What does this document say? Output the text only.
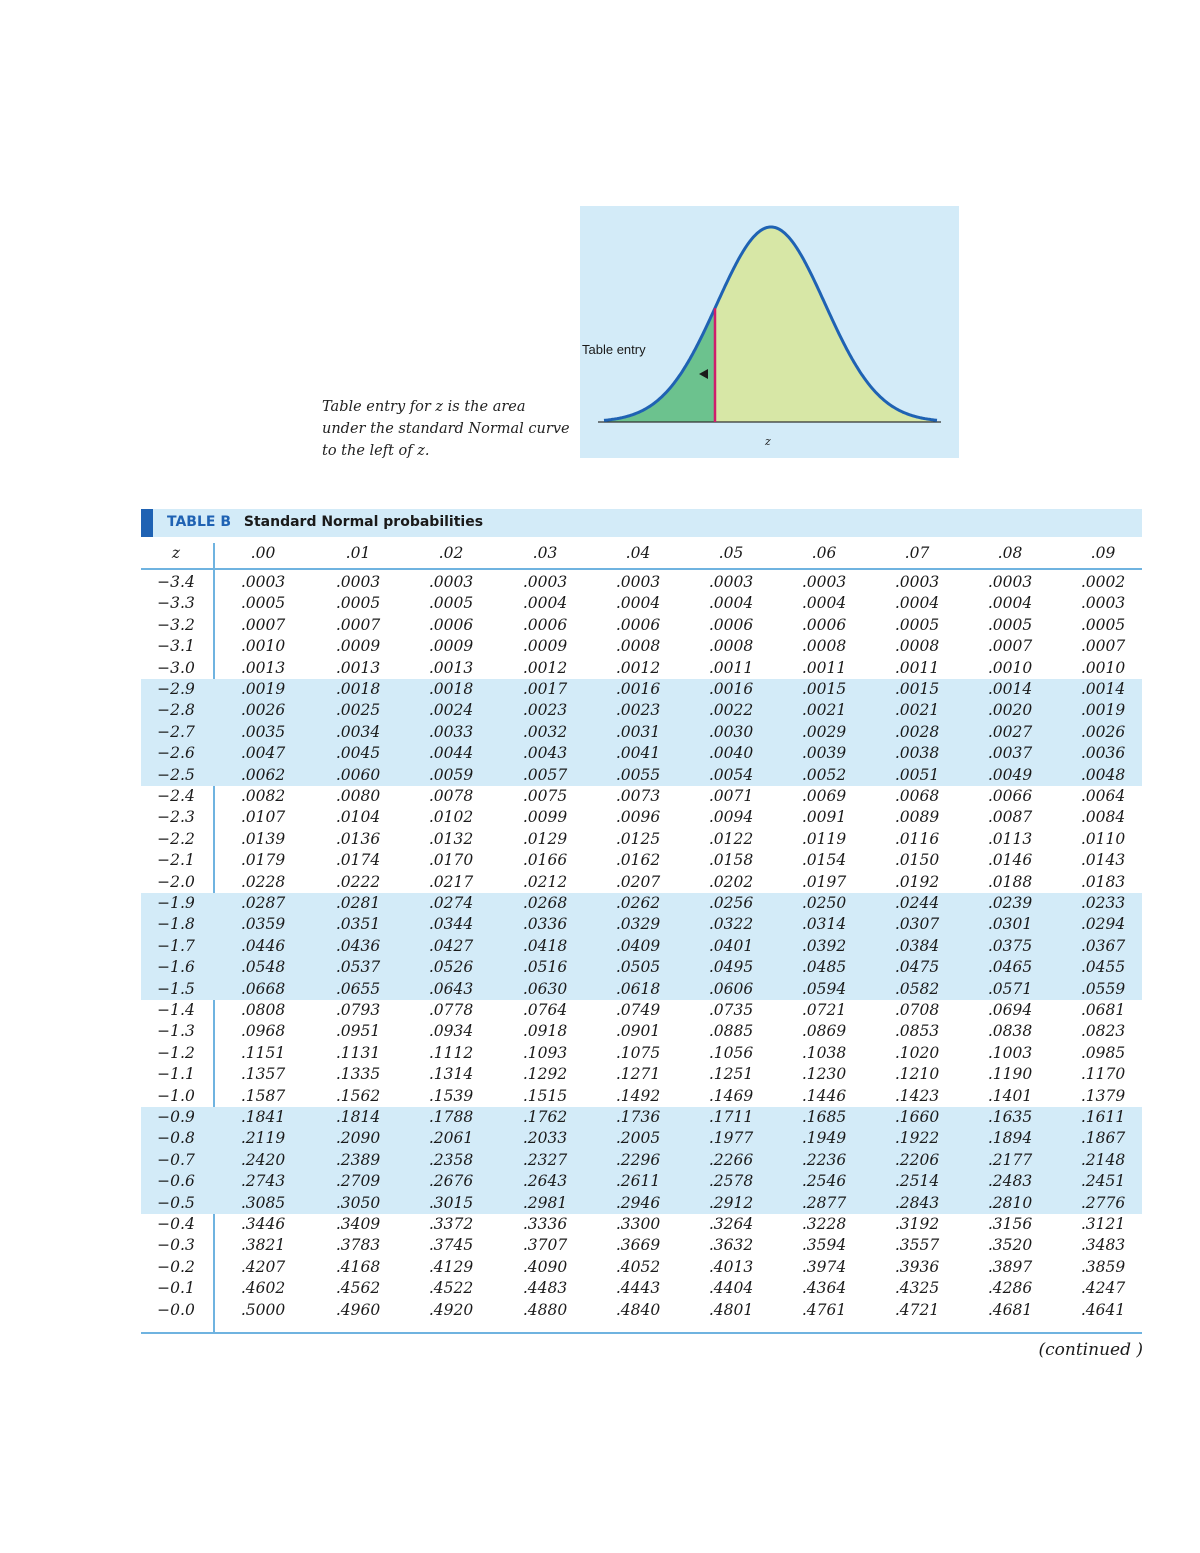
Table entry for z is the area under the standard Normal curve to the left of z.
Table entry
z
TABLE B Standard Normal probabilities
z	.00	.01	.02	.03	.04	.05	.06	.07	.08	.09
−3.4	.0003	.0003	.0003	.0003	.0003	.0003	.0003	.0003	.0003	.0002
−3.3	.0005	.0005	.0005	.0004	.0004	.0004	.0004	.0004	.0004	.0003
−3.2	.0007	.0007	.0006	.0006	.0006	.0006	.0006	.0005	.0005	.0005
−3.1	.0010	.0009	.0009	.0009	.0008	.0008	.0008	.0008	.0007	.0007
−3.0	.0013	.0013	.0013	.0012	.0012	.0011	.0011	.0011	.0010	.0010
−2.9	.0019	.0018	.0018	.0017	.0016	.0016	.0015	.0015	.0014	.0014
−2.8	.0026	.0025	.0024	.0023	.0023	.0022	.0021	.0021	.0020	.0019
−2.7	.0035	.0034	.0033	.0032	.0031	.0030	.0029	.0028	.0027	.0026
−2.6	.0047	.0045	.0044	.0043	.0041	.0040	.0039	.0038	.0037	.0036
−2.5	.0062	.0060	.0059	.0057	.0055	.0054	.0052	.0051	.0049	.0048
−2.4	.0082	.0080	.0078	.0075	.0073	.0071	.0069	.0068	.0066	.0064
−2.3	.0107	.0104	.0102	.0099	.0096	.0094	.0091	.0089	.0087	.0084
−2.2	.0139	.0136	.0132	.0129	.0125	.0122	.0119	.0116	.0113	.0110
−2.1	.0179	.0174	.0170	.0166	.0162	.0158	.0154	.0150	.0146	.0143
−2.0	.0228	.0222	.0217	.0212	.0207	.0202	.0197	.0192	.0188	.0183
−1.9	.0287	.0281	.0274	.0268	.0262	.0256	.0250	.0244	.0239	.0233
−1.8	.0359	.0351	.0344	.0336	.0329	.0322	.0314	.0307	.0301	.0294
−1.7	.0446	.0436	.0427	.0418	.0409	.0401	.0392	.0384	.0375	.0367
−1.6	.0548	.0537	.0526	.0516	.0505	.0495	.0485	.0475	.0465	.0455
−1.5	.0668	.0655	.0643	.0630	.0618	.0606	.0594	.0582	.0571	.0559
−1.4	.0808	.0793	.0778	.0764	.0749	.0735	.0721	.0708	.0694	.0681
−1.3	.0968	.0951	.0934	.0918	.0901	.0885	.0869	.0853	.0838	.0823
−1.2	.1151	.1131	.1112	.1093	.1075	.1056	.1038	.1020	.1003	.0985
−1.1	.1357	.1335	.1314	.1292	.1271	.1251	.1230	.1210	.1190	.1170
−1.0	.1587	.1562	.1539	.1515	.1492	.1469	.1446	.1423	.1401	.1379
−0.9	.1841	.1814	.1788	.1762	.1736	.1711	.1685	.1660	.1635	.1611
−0.8	.2119	.2090	.2061	.2033	.2005	.1977	.1949	.1922	.1894	.1867
−0.7	.2420	.2389	.2358	.2327	.2296	.2266	.2236	.2206	.2177	.2148
−0.6	.2743	.2709	.2676	.2643	.2611	.2578	.2546	.2514	.2483	.2451
−0.5	.3085	.3050	.3015	.2981	.2946	.2912	.2877	.2843	.2810	.2776
−0.4	.3446	.3409	.3372	.3336	.3300	.3264	.3228	.3192	.3156	.3121
−0.3	.3821	.3783	.3745	.3707	.3669	.3632	.3594	.3557	.3520	.3483
−0.2	.4207	.4168	.4129	.4090	.4052	.4013	.3974	.3936	.3897	.3859
−0.1	.4602	.4562	.4522	.4483	.4443	.4404	.4364	.4325	.4286	.4247
−0.0	.5000	.4960	.4920	.4880	.4840	.4801	.4761	.4721	.4681	.4641
(continued )
